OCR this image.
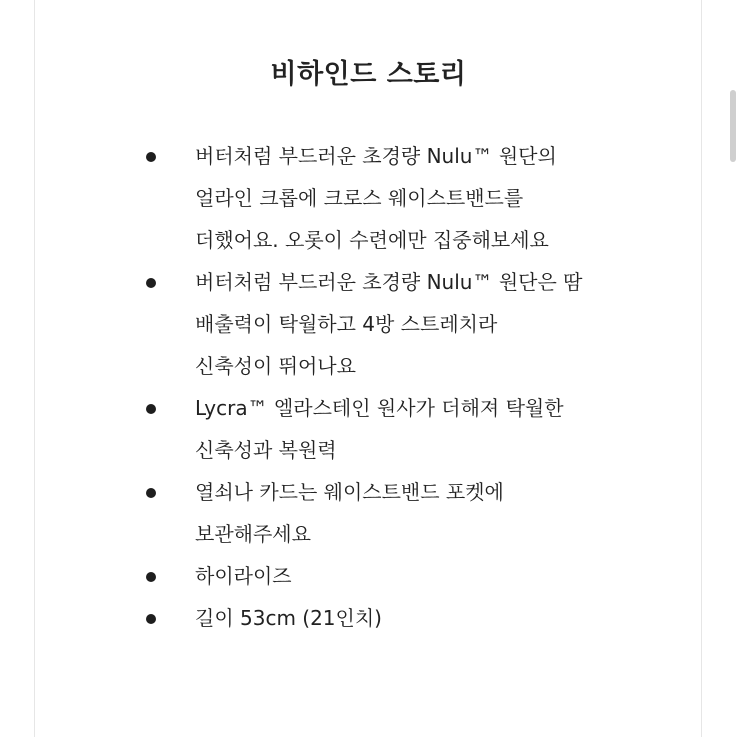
비하인드 스토리
버터처럼 부드러운 초경량 Nulu™ 원단의
얼라인 크롭에 크로스 웨이스트밴드를
더했어요. 오롯이 수련에만 집중해보세요
버터처럼 부드러운 초경량 Nulu™ 원단은 땀
배출력이 탁월하고 4방 스트레치라
신축성이 뛰어나요
Lycra™ 엘라스테인 원사가 더해져 탁월한
신축성과 복원력
열쇠나 카드는 웨이스트밴드 포켓에
보관해주세요
하이라이즈
길이 53cm (21인치)
